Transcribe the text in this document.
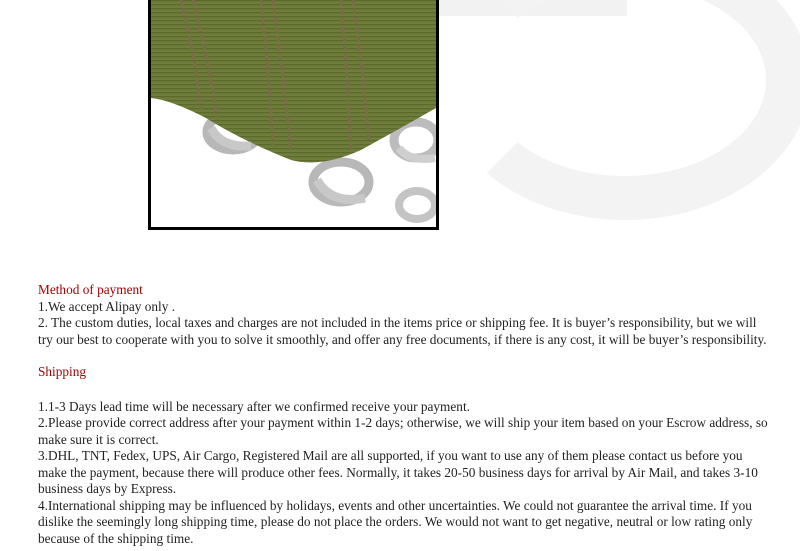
Method of payment

1.We accept Alipay only .

2. The custom duties, local taxes and charges are not included in the items price or shipping fee. It is buyer’s responsibility, but we will try our best to cooperate with you to solve it smoothly, and offer any free documents, if there is any cost, it will be buyer’s responsibility.

Shipping

1.1-3 Days lead time will be necessary after we confirmed receive your payment.

2.Please provide correct address after your payment within 1-2 days; otherwise, we will ship your item based on your Escrow address, so make sure it is correct.

3.DHL, TNT, Fedex, UPS, Air Cargo, Registered Mail are all supported, if you want to use any of them please contact us before you make the payment, because there will produce other fees. Normally, it takes 20-50 business days for arrival by Air Mail, and takes 3-10 business days by Express.

4.International shipping may be influenced by holidays, events and other uncertainties. We could not guarantee the arrival time. If you dislike the seemingly long shipping time, please do not place the orders. We would not want to get negative, neutral or low rating only because of the shipping time.
